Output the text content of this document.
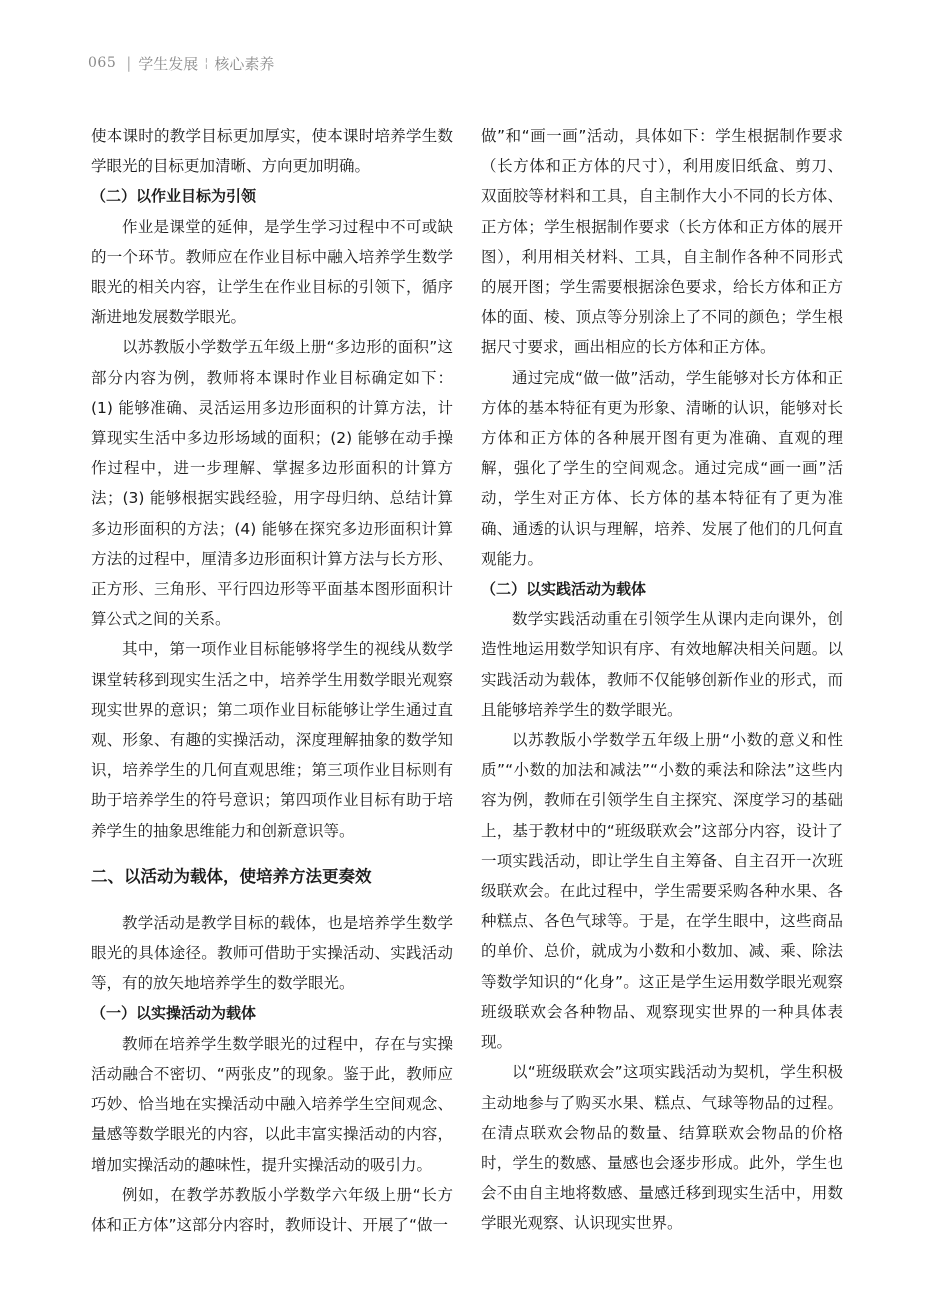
065 | 学生发展 ¦ 核心素养

使本课时的教学目标更加厚实，使本课时培养学生数学眼光的目标更加清晰、方向更加明确。

（二）以作业目标为引领

作业是课堂的延伸，是学生学习过程中不可或缺的一个环节。教师应在作业目标中融入培养学生数学眼光的相关内容，让学生在作业目标的引领下，循序渐进地发展数学眼光。

以苏教版小学数学五年级上册“多边形的面积”这部分内容为例，教师将本课时作业目标确定如下：(1) 能够准确、灵活运用多边形面积的计算方法，计算现实生活中多边形场域的面积；(2) 能够在动手操作过程中，进一步理解、掌握多边形面积的计算方法；(3) 能够根据实践经验，用字母归纳、总结计算多边形面积的方法；(4) 能够在探究多边形面积计算方法的过程中，厘清多边形面积计算方法与长方形、正方形、三角形、平行四边形等平面基本图形面积计算公式之间的关系。

其中，第一项作业目标能够将学生的视线从数学课堂转移到现实生活之中，培养学生用数学眼光观察现实世界的意识；第二项作业目标能够让学生通过直观、形象、有趣的实操活动，深度理解抽象的数学知识，培养学生的几何直观思维；第三项作业目标则有助于培养学生的符号意识；第四项作业目标有助于培养学生的抽象思维能力和创新意识等。

二、以活动为载体，使培养方法更奏效

教学活动是教学目标的载体，也是培养学生数学眼光的具体途径。教师可借助于实操活动、实践活动等，有的放矢地培养学生的数学眼光。

（一）以实操活动为载体

教师在培养学生数学眼光的过程中，存在与实操活动融合不密切、“两张皮”的现象。鉴于此，教师应巧妙、恰当地在实操活动中融入培养学生空间观念、量感等数学眼光的内容，以此丰富实操活动的内容，增加实操活动的趣味性，提升实操活动的吸引力。

例如，在教学苏教版小学数学六年级上册“长方体和正方体”这部分内容时，教师设计、开展了“做一

做”和“画一画”活动，具体如下：学生根据制作要求（长方体和正方体的尺寸），利用废旧纸盒、剪刀、双面胶等材料和工具，自主制作大小不同的长方体、正方体；学生根据制作要求（长方体和正方体的展开图），利用相关材料、工具，自主制作各种不同形式的展开图；学生需要根据涂色要求，给长方体和正方体的面、棱、顶点等分别涂上了不同的颜色；学生根据尺寸要求，画出相应的长方体和正方体。

通过完成“做一做”活动，学生能够对长方体和正方体的基本特征有更为形象、清晰的认识，能够对长方体和正方体的各种展开图有更为准确、直观的理解，强化了学生的空间观念。通过完成“画一画”活动，学生对正方体、长方体的基本特征有了更为准确、通透的认识与理解，培养、发展了他们的几何直观能力。

（二）以实践活动为载体

数学实践活动重在引领学生从课内走向课外，创造性地运用数学知识有序、有效地解决相关问题。以实践活动为载体，教师不仅能够创新作业的形式，而且能够培养学生的数学眼光。

以苏教版小学数学五年级上册“小数的意义和性质”“小数的加法和减法”“小数的乘法和除法”这些内容为例，教师在引领学生自主探究、深度学习的基础上，基于教材中的“班级联欢会”这部分内容，设计了一项实践活动，即让学生自主筹备、自主召开一次班级联欢会。在此过程中，学生需要采购各种水果、各种糕点、各色气球等。于是，在学生眼中，这些商品的单价、总价，就成为小数和小数加、减、乘、除法等数学知识的“化身”。这正是学生运用数学眼光观察班级联欢会各种物品、观察现实世界的一种具体表现。

以“班级联欢会”这项实践活动为契机，学生积极主动地参与了购买水果、糕点、气球等物品的过程。在清点联欢会物品的数量、结算联欢会物品的价格时，学生的数感、量感也会逐步形成。此外，学生也会不由自主地将数感、量感迁移到现实生活中，用数学眼光观察、认识现实世界。
